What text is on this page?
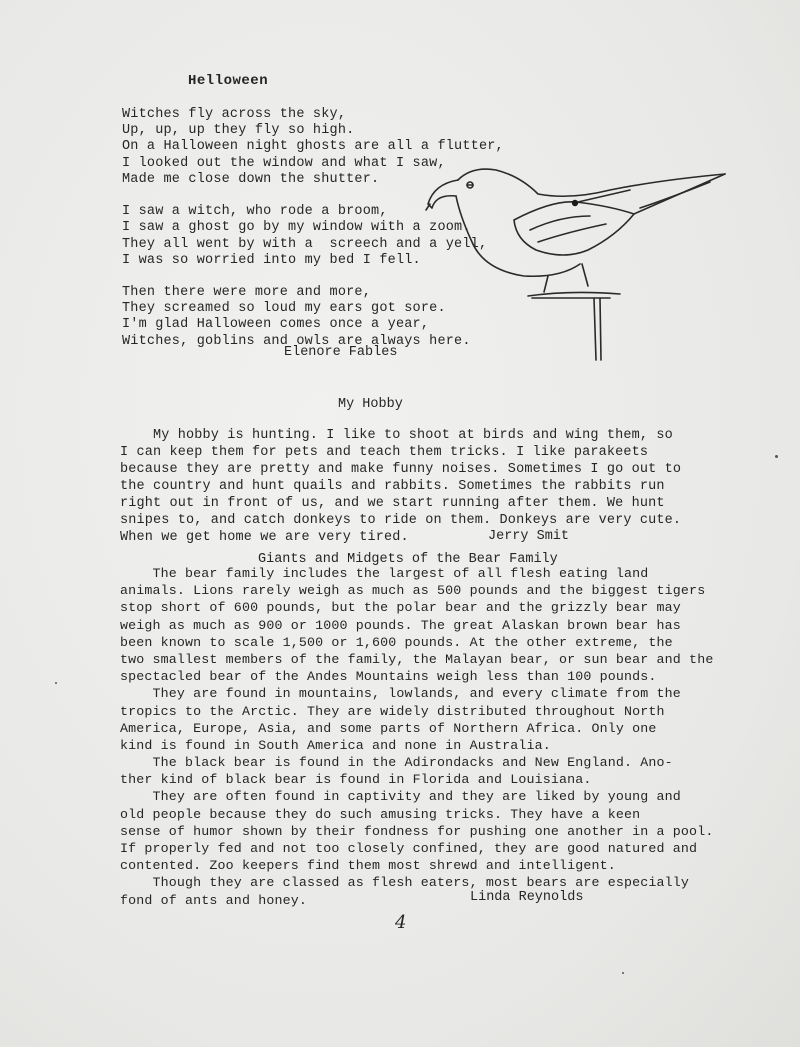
Helloween
Witches fly across the sky,
Up, up, up they fly so high.
On a Halloween night ghosts are all a flutter,
I looked out the window and what I saw,
Made me close down the shutter.
I saw a witch, who rode a broom,
I saw a ghost go by my window with a zoom.
They all went by with a  screech and a yell,
I was so worried into my bed I fell.
Then there were more and more,
They screamed so loud my ears got sore.
I'm glad Halloween comes once a year,
Witches, goblins and owls are always here.
Elenore Fables
My Hobby
My hobby is hunting. I like to shoot at birds and wing them, so
I can keep them for pets and teach them tricks. I like parakeets
because they are pretty and make funny noises. Sometimes I go out to
the country and hunt quails and rabbits. Sometimes the rabbits run
right out in front of us, and we start running after them. We hunt
snipes to, and catch donkeys to ride on them. Donkeys are very cute.
When we get home we are very tired.	Jerry Smit
Giants and Midgets of the Bear Family
The bear family includes the largest of all flesh eating land
animals. Lions rarely weigh as much as 500 pounds and the biggest tigers
stop short of 600 pounds, but the polar bear and the grizzly bear may
weigh as much as 900 or 1000 pounds. The great Alaskan brown bear has
been known to scale 1,500 or 1,600 pounds. At the other extreme, the
two smallest members of the family, the Malayan bear, or sun bear and the
spectacled bear of the Andes Mountains weigh less than 100 pounds.
They are found in mountains, lowlands, and every climate from the
tropics to the Arctic. They are widely distributed throughout North
America, Europe, Asia, and some parts of Northern Africa. Only one
kind is found in South America and none in Australia.
The black bear is found in the Adirondacks and New England. Ano-
ther kind of black bear is found in Florida and Louisiana.
They are often found in captivity and they are liked by young and
old people because they do such amusing tricks. They have a keen
sense of humor shown by their fondness for pushing one another in a pool.
If properly fed and not too closely confined, they are good natured and
contented. Zoo keepers find them most shrewd and intelligent.
Though they are classed as flesh eaters, most bears are especially
fond of ants and honey.	Linda Reynolds
4
